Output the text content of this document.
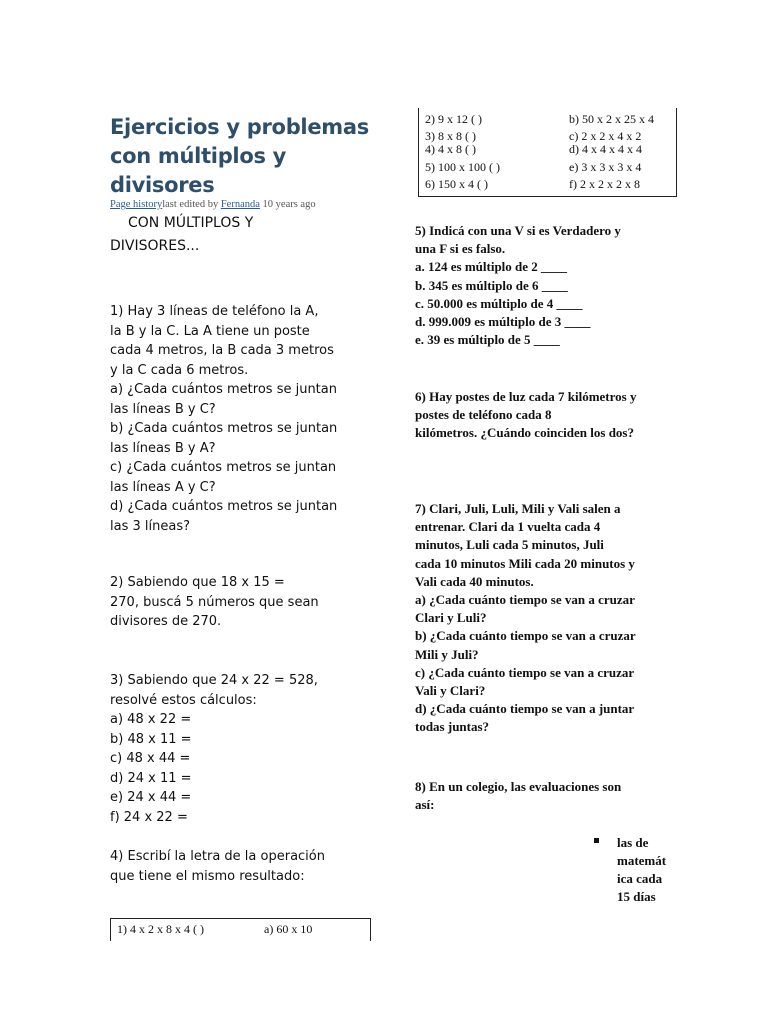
Ejercicios y problemas
con múltiplos y
divisores
Page historylast edited by Fernanda 10 years ago
CON MÚLTIPLOS Y
DIVISORES...
1) Hay 3 líneas de teléfono la A,
la B y la C. La A tiene un poste
cada 4 metros, la B cada 3 metros
y la C cada 6 metros.
a) ¿Cada cuántos metros se juntan
las líneas B y C?
b) ¿Cada cuántos metros se juntan
las líneas B y A?
c) ¿Cada cuántos metros se juntan
las líneas A y C?
d) ¿Cada cuántos metros se juntan
las 3 líneas?
2) Sabiendo que 18 x 15 =
270, buscá 5 números que sean
divisores de 270.
3) Sabiendo que 24 x 22 = 528,
resolvé estos cálculos:
a) 48 x 22 =
b) 48 x 11 =
c) 48 x 44 =
d) 24 x 11 =
e) 24 x 44 =
f) 24 x 22 =
4) Escribí la letra de la operación
que tiene el mismo resultado:
1) 4 x 2 x 8 x 4 ( )	a) 60 x 10
2) 9 x 12 ( )	b) 50 x 2 x 25 x 4
3) 8 x 8 ( )	c) 2 x 2 x 4 x 2
4) 4 x 8 ( )	d) 4 x 4 x 4 x 4
5) 100 x 100 ( )	e) 3 x 3 x 3 x 4
6) 150 x 4 ( )	f) 2 x 2 x 2 x 8
5) Indicá con una V si es Verdadero y
una F si es falso.
a. 124 es múltiplo de 2 ____
b. 345 es múltiplo de 6 ____
c. 50.000 es múltiplo de 4 ____
d. 999.009 es múltiplo de 3 ____
e. 39 es múltiplo de 5 ____
6) Hay postes de luz cada 7 kilómetros y
postes de teléfono cada 8
kilómetros. ¿Cuándo coinciden los dos?
7) Clari, Juli, Luli, Mili y Vali salen a
entrenar. Clari da 1 vuelta cada 4
minutos, Luli cada 5 minutos, Juli
cada 10 minutos Mili cada 20 minutos y
Vali cada 40 minutos.
a) ¿Cada cuánto tiempo se van a cruzar
Clari y Luli?
b) ¿Cada cuánto tiempo se van a cruzar
Mili y Juli?
c) ¿Cada cuánto tiempo se van a cruzar
Vali y Clari?
d) ¿Cada cuánto tiempo se van a juntar
todas juntas?
8) En un colegio, las evaluaciones son
así:
las de
matemát
ica cada
15 días
